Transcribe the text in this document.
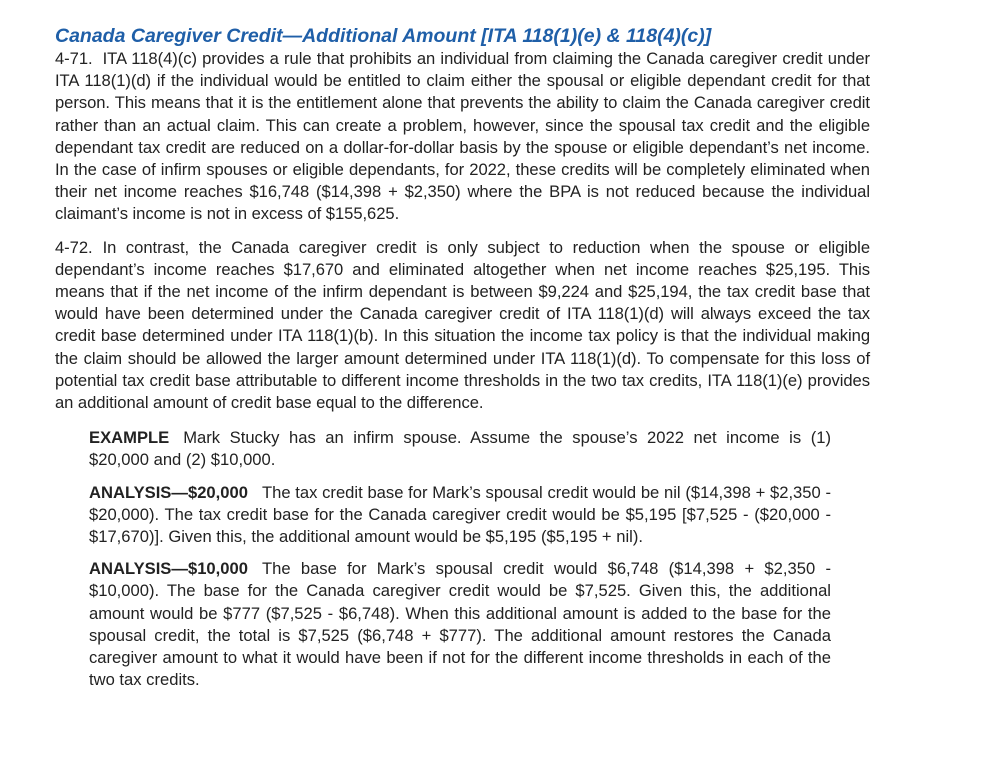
Canada Caregiver Credit—Additional Amount [ITA 118(1)(e) & 118(4)(c)]

4-71. ITA 118(4)(c) provides a rule that prohibits an individual from claiming the Canada caregiver credit under ITA 118(1)(d) if the individual would be entitled to claim either the spousal or eligible dependant credit for that person. This means that it is the entitlement alone that prevents the ability to claim the Canada caregiver credit rather than an actual claim. This can create a problem, however, since the spousal tax credit and the eligible dependant tax credit are reduced on a dollar-for-dollar basis by the spouse or eligible dependant’s net income. In the case of infirm spouses or eligible dependants, for 2022, these credits will be completely eliminated when their net income reaches $16,748 ($14,398 + $2,350) where the BPA is not reduced because the individual claimant’s income is not in excess of $155,625.

4-72. In contrast, the Canada caregiver credit is only subject to reduction when the spouse or eligible dependant’s income reaches $17,670 and eliminated altogether when net income reaches $25,195. This means that if the net income of the infirm dependant is between $9,224 and $25,194, the tax credit base that would have been determined under the Canada caregiver credit of ITA 118(1)(d) will always exceed the tax credit base determined under ITA 118(1)(b). In this situation the income tax policy is that the individual making the claim should be allowed the larger amount determined under ITA 118(1)(d). To compensate for this loss of potential tax credit base attributable to different income thresholds in the two tax credits, ITA 118(1)(e) provides an additional amount of credit base equal to the difference.

EXAMPLE Mark Stucky has an infirm spouse. Assume the spouse’s 2022 net income is (1) $20,000 and (2) $10,000.

ANALYSIS—$20,000 The tax credit base for Mark’s spousal credit would be nil ($14,398 + $2,350 - $20,000). The tax credit base for the Canada caregiver credit would be $5,195 [$7,525 - ($20,000 - $17,670)]. Given this, the additional amount would be $5,195 ($5,195 + nil).

ANALYSIS—$10,000 The base for Mark’s spousal credit would $6,748 ($14,398 + $2,350 - $10,000). The base for the Canada caregiver credit would be $7,525. Given this, the additional amount would be $777 ($7,525 - $6,748). When this additional amount is added to the base for the spousal credit, the total is $7,525 ($6,748 + $777). The additional amount restores the Canada caregiver amount to what it would have been if not for the different income thresholds in each of the two tax credits.
